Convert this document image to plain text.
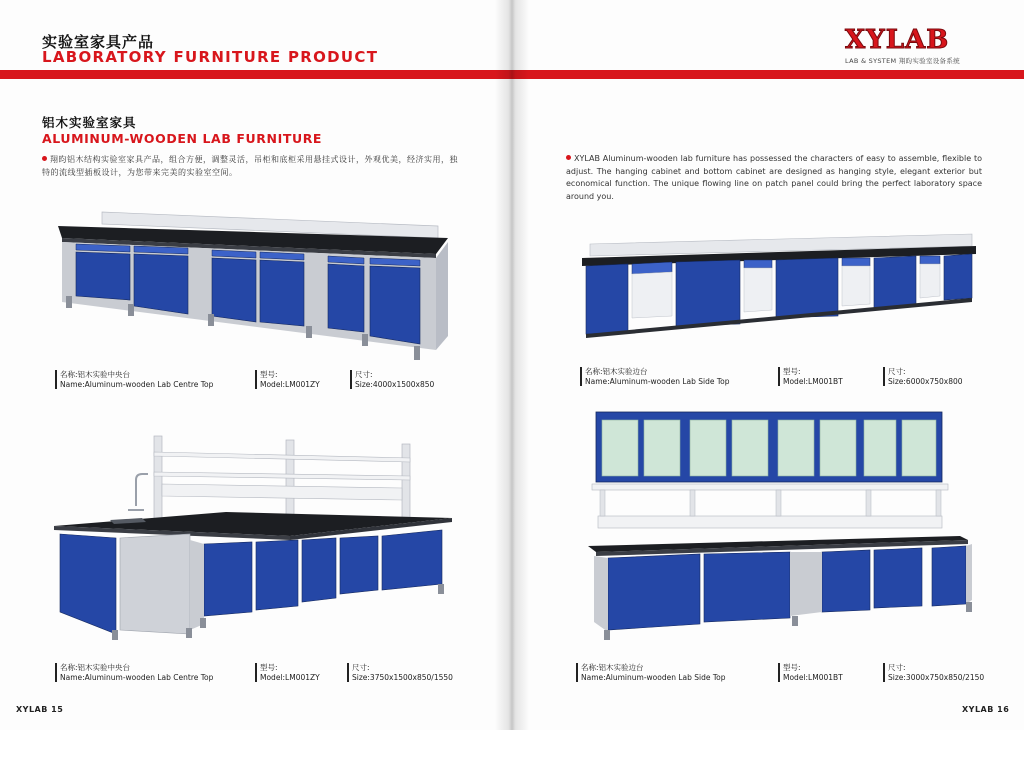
实验室家具产品
LABORATORY FURNITURE PRODUCT
铝木实验室家具
ALUMINUM-WOODEN LAB FURNITURE
翔昀铝木结构实验室家具产品，组合方便，调整灵活，吊柜和底柜采用悬挂式设计，外观优美，经济实用，独特的流线型插板设计，为您带来完美的实验室空间。
名称:铝木实验中央台
Name:Aluminum-wooden Lab Centre Top
型号:
Model:LM001ZY
尺寸:
Size:4000x1500x850
名称:铝木实验中央台
Name:Aluminum-wooden Lab Centre Top
型号:
Model:LM001ZY
尺寸:
Size:3750x1500x850/1550
XYLAB 15
XYLAB Aluminum-wooden lab furniture has possessed the characters of easy to assemble, flexible to adjust. The hanging cabinet and bottom cabinet are designed as hanging style, elegant exterior but economical function. The unique flowing line on patch panel could bring the perfect laboratory space around you.
名称:铝木实验边台
Name:Aluminum-wooden Lab Side Top
型号:
Model:LM001BT
尺寸:
Size:6000x750x800
名称:铝木实验边台
Name:Aluminum-wooden Lab Side Top
型号:
Model:LM001BT
尺寸:
Size:3000x750x850/2150
XYLAB 16
XYLAB
LAB & SYSTEM 翔昀实验室设备系统
